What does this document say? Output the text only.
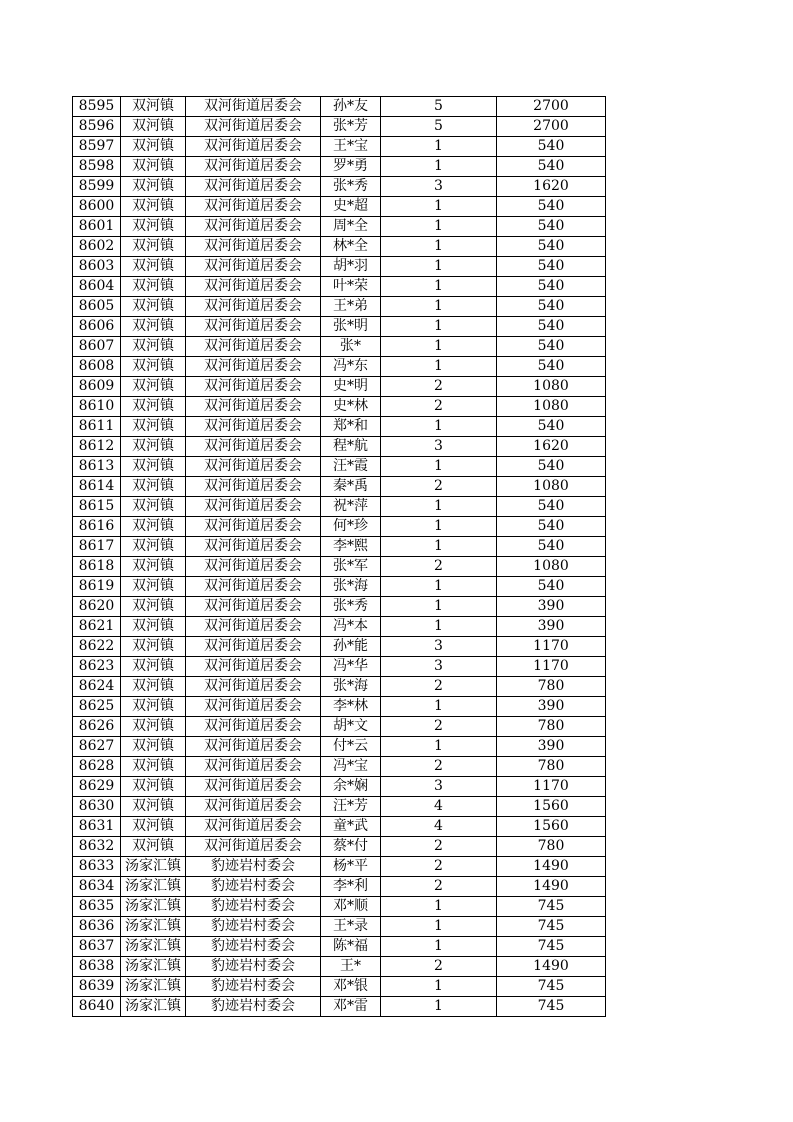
8595	双河镇	双河街道居委会	孙*友	5	2700
8596	双河镇	双河街道居委会	张*芳	5	2700
8597	双河镇	双河街道居委会	王*宝	1	540
8598	双河镇	双河街道居委会	罗*勇	1	540
8599	双河镇	双河街道居委会	张*秀	3	1620
8600	双河镇	双河街道居委会	史*超	1	540
8601	双河镇	双河街道居委会	周*全	1	540
8602	双河镇	双河街道居委会	林*全	1	540
8603	双河镇	双河街道居委会	胡*羽	1	540
8604	双河镇	双河街道居委会	叶*荣	1	540
8605	双河镇	双河街道居委会	王*弟	1	540
8606	双河镇	双河街道居委会	张*明	1	540
8607	双河镇	双河街道居委会	张*	1	540
8608	双河镇	双河街道居委会	冯*东	1	540
8609	双河镇	双河街道居委会	史*明	2	1080
8610	双河镇	双河街道居委会	史*林	2	1080
8611	双河镇	双河街道居委会	郑*和	1	540
8612	双河镇	双河街道居委会	程*航	3	1620
8613	双河镇	双河街道居委会	汪*霞	1	540
8614	双河镇	双河街道居委会	秦*禹	2	1080
8615	双河镇	双河街道居委会	祝*萍	1	540
8616	双河镇	双河街道居委会	何*珍	1	540
8617	双河镇	双河街道居委会	李*熙	1	540
8618	双河镇	双河街道居委会	张*军	2	1080
8619	双河镇	双河街道居委会	张*海	1	540
8620	双河镇	双河街道居委会	张*秀	1	390
8621	双河镇	双河街道居委会	冯*本	1	390
8622	双河镇	双河街道居委会	孙*能	3	1170
8623	双河镇	双河街道居委会	冯*华	3	1170
8624	双河镇	双河街道居委会	张*海	2	780
8625	双河镇	双河街道居委会	李*林	1	390
8626	双河镇	双河街道居委会	胡*文	2	780
8627	双河镇	双河街道居委会	付*云	1	390
8628	双河镇	双河街道居委会	冯*宝	2	780
8629	双河镇	双河街道居委会	余*娴	3	1170
8630	双河镇	双河街道居委会	汪*芳	4	1560
8631	双河镇	双河街道居委会	童*武	4	1560
8632	双河镇	双河街道居委会	蔡*付	2	780
8633	汤家汇镇	豹迹岩村委会	杨*平	2	1490
8634	汤家汇镇	豹迹岩村委会	李*利	2	1490
8635	汤家汇镇	豹迹岩村委会	邓*顺	1	745
8636	汤家汇镇	豹迹岩村委会	王*录	1	745
8637	汤家汇镇	豹迹岩村委会	陈*福	1	745
8638	汤家汇镇	豹迹岩村委会	王*	2	1490
8639	汤家汇镇	豹迹岩村委会	邓*银	1	745
8640	汤家汇镇	豹迹岩村委会	邓*雷	1	745
